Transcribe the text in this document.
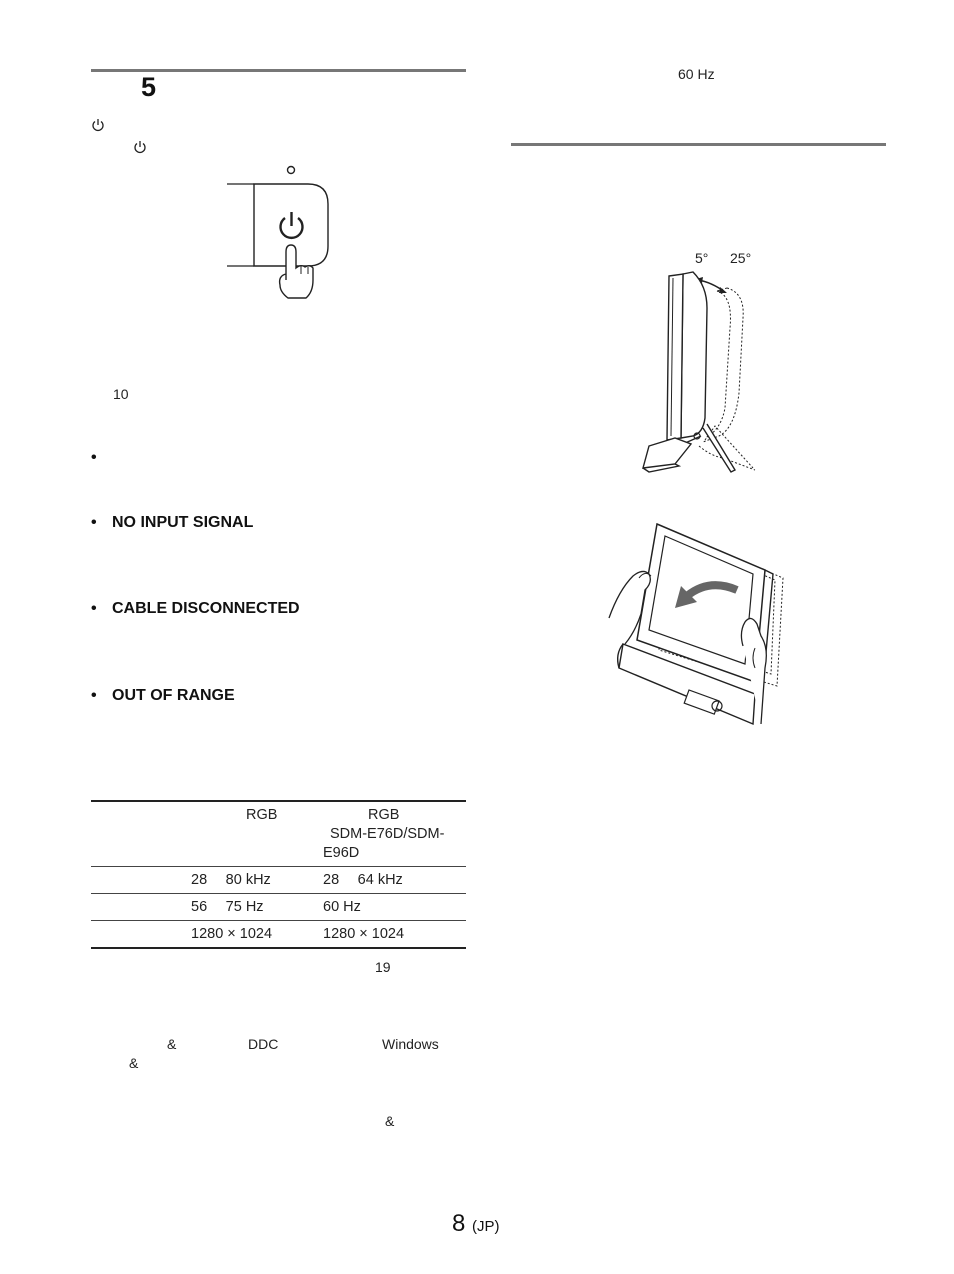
5
10
•
• NO INPUT SIGNAL
• CABLE DISCONNECTED
• OUT OF RANGE
	RGB	RGB
SDM-E76D/SDM-
E96D

	28　 80 kHz	28　 64 kHz
	56　 75 Hz	60 Hz
	1280 × 1024	1280 × 1024
19
&	DDC	Windows
&
&
60 Hz
5° 25°
8 (JP)
